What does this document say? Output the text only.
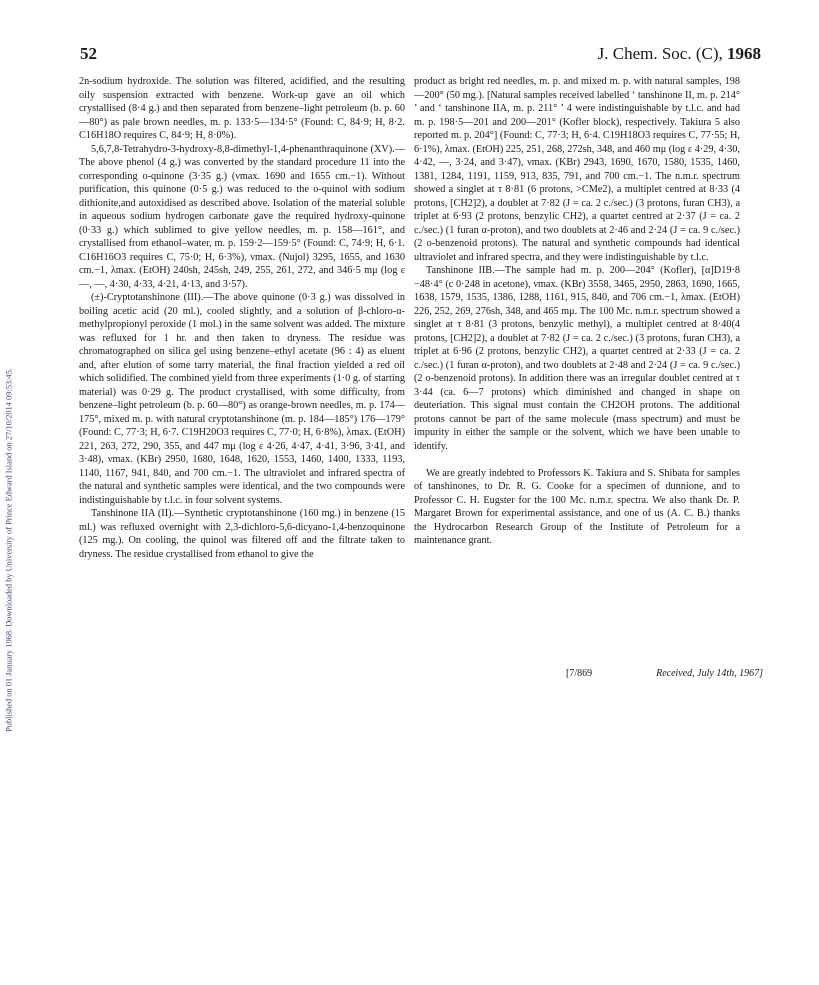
Published on 01 January 1968. Downloaded by University of Prince Edward Island on 27/10/2014 09:53:45.
52	J. Chem. Soc. (C), 1968

2n-sodium hydroxide. The solution was filtered, acidified, and the resulting oily suspension extracted with benzene. Work-up gave an oil which crystallised (8·4 g.) and then separated from benzene–light petroleum (b. p. 60—80°) as pale brown needles, m. p. 133·5—134·5° (Found: C, 84·9; H, 8·2. C16H18O requires C, 84·9; H, 8·0%).

5,6,7,8-Tetrahydro-3-hydroxy-8,8-dimethyl-1,4-phenanthraquinone (XV).—The above phenol (4 g.) was converted by the standard procedure 11 into the corresponding o-quinone (3·35 g.) (νmax. 1690 and 1655 cm.−1). Without purification, this quinone (0·5 g.) was reduced to the o-quinol with sodium dithionite,and autoxidised as described above. Isolation of the material soluble in aqueous sodium hydrogen carbonate gave the required hydroxy-quinone (0·33 g.) which sublimed to give yellow needles, m. p. 158—161°, and crystallised from ethanol–water, m. p. 159·2—159·5° (Found: C, 74·9; H, 6·1. C16H16O3 requires C, 75·0; H, 6·3%), νmax. (Nujol) 3295, 1655, and 1630 cm.−1, λmax. (EtOH) 240sh, 245sh, 249, 255, 261, 272, and 346·5 mμ (log ε —, —, 4·30, 4·33, 4·21, 4·13, and 3·57).

(±)-Cryptotanshinone (III).—The above quinone (0·3 g.) was dissolved in boiling acetic acid (20 ml.), cooled slightly, and a solution of β-chloro-α-methylpropionyl peroxide (1 mol.) in the same solvent was added. The mixture was refluxed for 1 hr. and then taken to dryness. The residue was chromatographed on silica gel using benzene–ethyl acetate (96 : 4) as eluent and, after elution of some tarry material, the final fraction yielded a red oil which solidified. The combined yield from three experiments (1·0 g. of starting material) was 0·29 g. The product crystallised, with some difficulty, from benzene–light petroleum (b. p. 60—80°) as orange-brown needles, m. p. 174—175°, mixed m. p. with natural cryptotanshinone (m. p. 184—185°) 176—179° (Found: C, 77·3; H, 6·7. C19H20O3 requires C, 77·0; H, 6·8%), λmax. (EtOH) 221, 263, 272, 290, 355, and 447 mμ (log ε 4·26, 4·47, 4·41, 3·96, 3·41, and 3·48), νmax. (KBr) 2950, 1680, 1648, 1620, 1553, 1460, 1400, 1333, 1193, 1140, 1167, 941, 840, and 700 cm.−1. The ultraviolet and infrared spectra of the natural and synthetic samples were identical, and the two compounds were indistinguishable by t.l.c. in four solvent systems.

Tanshinone IIA (II).—Synthetic cryptotanshinone (160 mg.) in benzene (15 ml.) was refluxed overnight with 2,3-dichloro-5,6-dicyano-1,4-benzoquinone (125 mg.). On cooling, the quinol was filtered off and the filtrate taken to dryness. The residue crystallised from ethanol to give the

product as bright red needles, m. p. and mixed m. p. with natural samples, 198—200° (50 mg.). [Natural samples received labelled ‘ tanshinone II, m. p. 214° ’ and ‘ tanshinone IIA, m. p. 211° ’ 4 were indistinguishable by t.l.c. and had m. p. 198·5—201 and 200—201° (Kofler block), respectively. Takiura 5 also reported m. p. 204°] (Found: C, 77·3; H, 6·4. C19H18O3 requires C, 77·55; H, 6·1%), λmax. (EtOH) 225, 251, 268, 272sh, 348, and 460 mμ (log ε 4·29, 4·30, 4·42, —, 3·24, and 3·47), νmax. (KBr) 2943, 1690, 1670, 1580, 1535, 1460, 1381, 1284, 1191, 1159, 913, 835, 791, and 700 cm.−1. The n.m.r. spectrum showed a singlet at τ 8·81 (6 protons, >CMe2), a multiplet centred at 8·33 (4 protons, [CH2]2), a doublet at 7·82 (J = ca. 2 c./sec.) (3 protons, furan CH3), a triplet at 6·93 (2 protons, benzylic CH2), a quartet centred at 2·37 (J = ca. 2 c./sec.) (1 furan α-proton), and two doublets at 2·46 and 2·24 (J = ca. 9 c./sec.) (2 o-benzenoid protons). The natural and synthetic compounds had identical ultraviolet and infrared spectra, and they were indistinguishable by t.l.c.

Tanshinone IIB.—The sample had m. p. 200—204° (Kofler), [α]D19·8 −48·4° (c 0·248 in acetone), νmax. (KBr) 3558, 3465, 2950, 2863, 1690, 1665, 1638, 1579, 1535, 1386, 1288, 1161, 915, 840, and 706 cm.−1, λmax. (EtOH) 226, 252, 269, 276sh, 348, and 465 mμ. The 100 Mc. n.m.r. spectrum showed a singlet at τ 8·81 (3 protons, benzylic methyl), a multiplet centred at 8·40(4 protons, [CH2]2), a doublet at 7·82 (J = ca. 2 c./sec.) (3 protons, furan CH3), a triplet at 6·96 (2 protons, benzylic CH2), a quartet centred at 2·33 (J = ca. 2 c./sec.) (1 furan α-proton), and two doublets at 2·48 and 2·24 (J = ca. 9 c./sec.) (2 o-benzenoid protons). In addition there was an irregular doublet centred at τ 3·44 (ca. 6—7 protons) which diminished and changed in shape on deuteriation. This signal must contain the CH2OH protons. The additional protons cannot be part of the same molecule (mass spectrum) and must be impurity in either the sample or the solvent, which we have been unable to identify.

We are greatly indebted to Professors K. Takiura and S. Shibata for samples of tanshinones, to Dr. R. G. Cooke for a specimen of dunnione, and to Professor C. H. Eugster for the 100 Mc. n.m.r. spectra. We also thank Dr. P. Margaret Brown for experimental assistance, and one of us (A. C. B.) thanks the Hydrocarbon Research Group of the Institute of Petroleum for a maintenance grant.

[7/869	Received, July 14th, 1967]
